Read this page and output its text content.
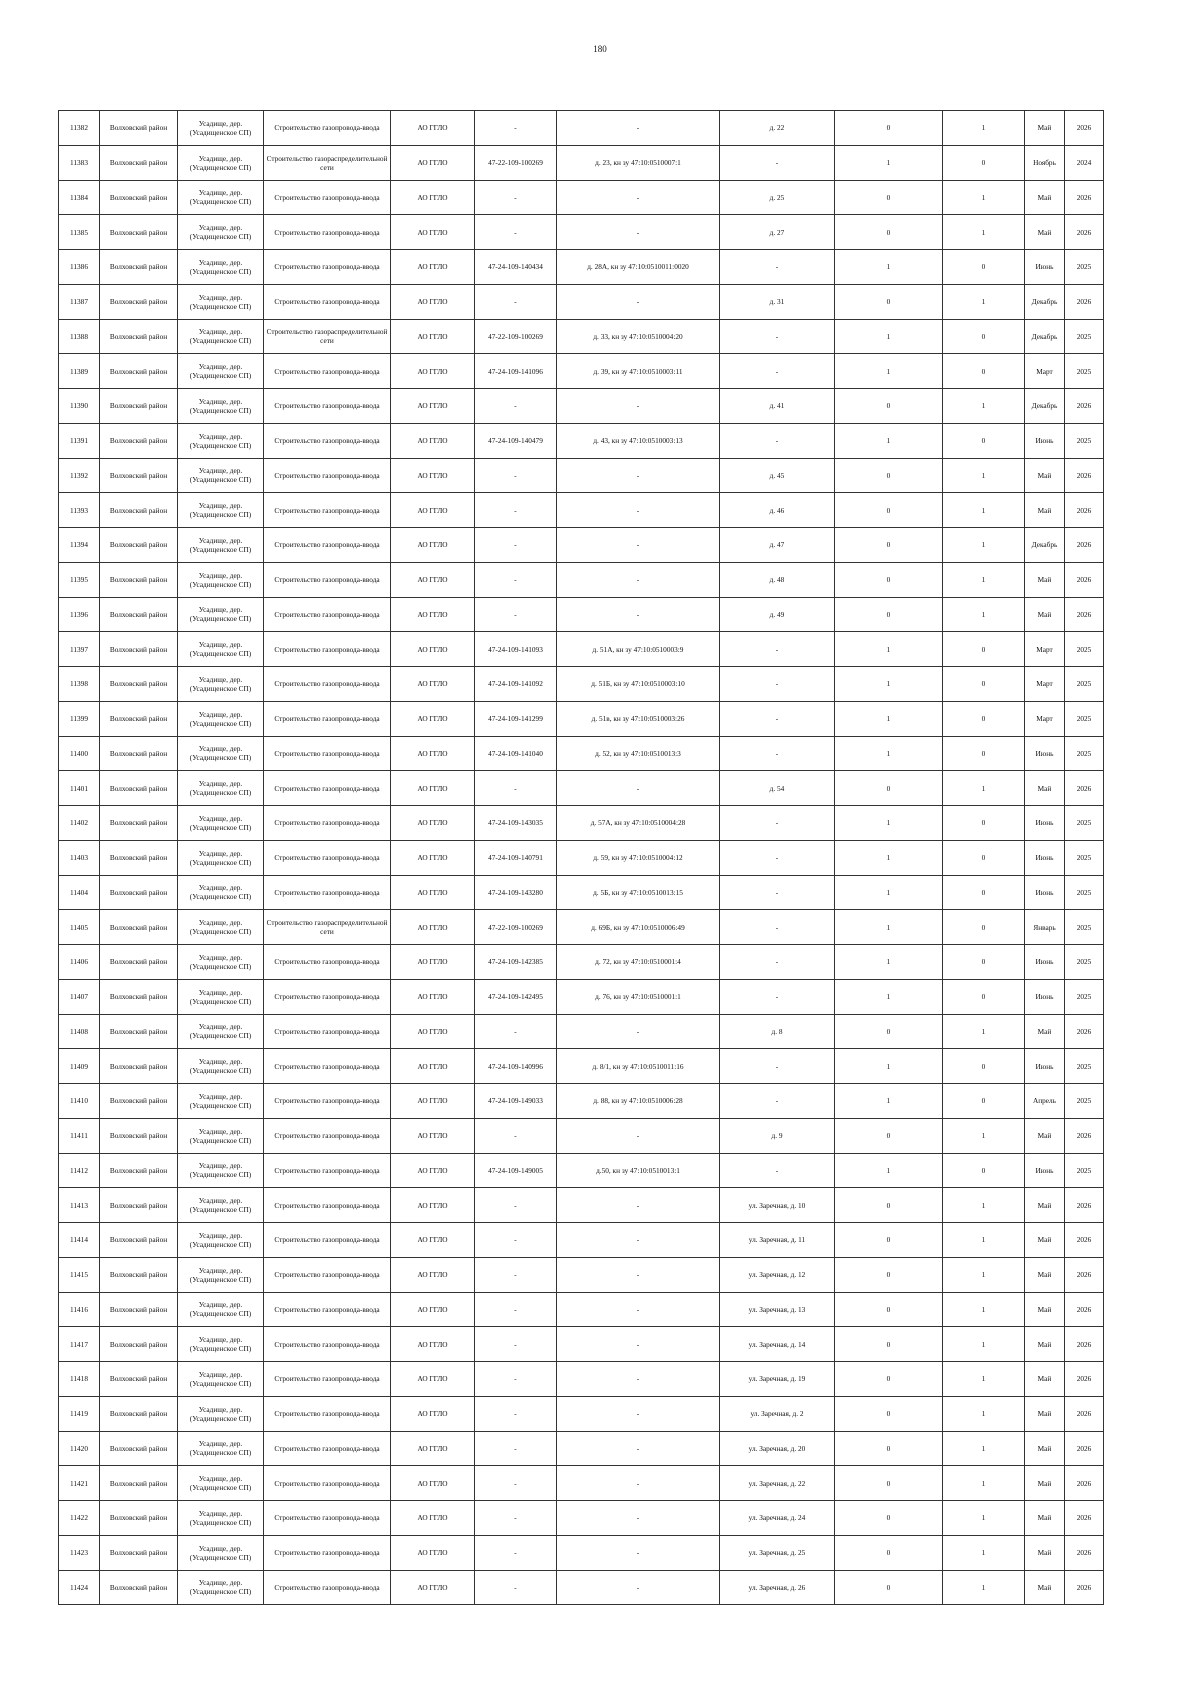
180
11382	Волховский район	Усадище, дер. (Усадищенское СП)	Строительство газопровода-ввода	АО ГГЛО	-	-	д. 22	0	1	Май	2026
11383	Волховский район	Усадище, дер. (Усадищенское СП)	Строительство газораспределительной сети	АО ГГЛО	47-22-109-100269	д. 23, кн зу 47:10:0510007:1	-	1	0	Ноябрь	2024
11384	Волховский район	Усадище, дер. (Усадищенское СП)	Строительство газопровода-ввода	АО ГГЛО	-	-	д. 25	0	1	Май	2026
11385	Волховский район	Усадище, дер. (Усадищенское СП)	Строительство газопровода-ввода	АО ГГЛО	-	-	д. 27	0	1	Май	2026
11386	Волховский район	Усадище, дер. (Усадищенское СП)	Строительство газопровода-ввода	АО ГГЛО	47-24-109-140434	д. 28А, кн зу 47:10:0510011:0020	-	1	0	Июнь	2025
11387	Волховский район	Усадище, дер. (Усадищенское СП)	Строительство газопровода-ввода	АО ГГЛО	-	-	д. 31	0	1	Декабрь	2026
11388	Волховский район	Усадище, дер. (Усадищенское СП)	Строительство газораспределительной сети	АО ГГЛО	47-22-109-100269	д. 33, кн зу 47:10:0510004:20	-	1	0	Декабрь	2025
11389	Волховский район	Усадище, дер. (Усадищенское СП)	Строительство газопровода-ввода	АО ГГЛО	47-24-109-141096	д. 39, кн зу 47:10:0510003:11	-	1	0	Март	2025
11390	Волховский район	Усадище, дер. (Усадищенское СП)	Строительство газопровода-ввода	АО ГГЛО	-	-	д. 41	0	1	Декабрь	2026
11391	Волховский район	Усадище, дер. (Усадищенское СП)	Строительство газопровода-ввода	АО ГГЛО	47-24-109-140479	д. 43, кн зу 47:10:0510003:13	-	1	0	Июнь	2025
11392	Волховский район	Усадище, дер. (Усадищенское СП)	Строительство газопровода-ввода	АО ГГЛО	-	-	д. 45	0	1	Май	2026
11393	Волховский район	Усадище, дер. (Усадищенское СП)	Строительство газопровода-ввода	АО ГГЛО	-	-	д. 46	0	1	Май	2026
11394	Волховский район	Усадище, дер. (Усадищенское СП)	Строительство газопровода-ввода	АО ГГЛО	-	-	д. 47	0	1	Декабрь	2026
11395	Волховский район	Усадище, дер. (Усадищенское СП)	Строительство газопровода-ввода	АО ГГЛО	-	-	д. 48	0	1	Май	2026
11396	Волховский район	Усадище, дер. (Усадищенское СП)	Строительство газопровода-ввода	АО ГГЛО	-	-	д. 49	0	1	Май	2026
11397	Волховский район	Усадище, дер. (Усадищенское СП)	Строительство газопровода-ввода	АО ГГЛО	47-24-109-141093	д. 51А, кн зу 47:10:0510003:9	-	1	0	Март	2025
11398	Волховский район	Усадище, дер. (Усадищенское СП)	Строительство газопровода-ввода	АО ГГЛО	47-24-109-141092	д. 51Б, кн зу 47:10:0510003:10	-	1	0	Март	2025
11399	Волховский район	Усадище, дер. (Усадищенское СП)	Строительство газопровода-ввода	АО ГГЛО	47-24-109-141299	д. 51в, кн зу 47:10:0510003:26	-	1	0	Март	2025
11400	Волховский район	Усадище, дер. (Усадищенское СП)	Строительство газопровода-ввода	АО ГГЛО	47-24-109-141040	д. 52, кн зу 47:10:0510013:3	-	1	0	Июнь	2025
11401	Волховский район	Усадище, дер. (Усадищенское СП)	Строительство газопровода-ввода	АО ГГЛО	-	-	д. 54	0	1	Май	2026
11402	Волховский район	Усадище, дер. (Усадищенское СП)	Строительство газопровода-ввода	АО ГГЛО	47-24-109-143035	д. 57А, кн зу 47:10:0510004:28	-	1	0	Июнь	2025
11403	Волховский район	Усадище, дер. (Усадищенское СП)	Строительство газопровода-ввода	АО ГГЛО	47-24-109-140791	д. 59, кн зу 47:10:0510004:12	-	1	0	Июнь	2025
11404	Волховский район	Усадище, дер. (Усадищенское СП)	Строительство газопровода-ввода	АО ГГЛО	47-24-109-143280	д. 5Б, кн зу 47:10:0510013:15	-	1	0	Июнь	2025
11405	Волховский район	Усадище, дер. (Усадищенское СП)	Строительство газораспределительной сети	АО ГГЛО	47-22-109-100269	д. 69Б, кн зу 47:10:0510006:49	-	1	0	Январь	2025
11406	Волховский район	Усадище, дер. (Усадищенское СП)	Строительство газопровода-ввода	АО ГГЛО	47-24-109-142385	д. 72, кн зу 47:10:0510001:4	-	1	0	Июнь	2025
11407	Волховский район	Усадище, дер. (Усадищенское СП)	Строительство газопровода-ввода	АО ГГЛО	47-24-109-142495	д. 76, кн зу 47:10:0510001:1	-	1	0	Июнь	2025
11408	Волховский район	Усадище, дер. (Усадищенское СП)	Строительство газопровода-ввода	АО ГГЛО	-	-	д. 8	0	1	Май	2026
11409	Волховский район	Усадище, дер. (Усадищенское СП)	Строительство газопровода-ввода	АО ГГЛО	47-24-109-140996	д. 8/1, кн зу 47:10:0510011:16	-	1	0	Июнь	2025
11410	Волховский район	Усадище, дер. (Усадищенское СП)	Строительство газопровода-ввода	АО ГГЛО	47-24-109-149033	д. 88, кн зу 47:10:0510006:28	-	1	0	Апрель	2025
11411	Волховский район	Усадище, дер. (Усадищенское СП)	Строительство газопровода-ввода	АО ГГЛО	-	-	д. 9	0	1	Май	2026
11412	Волховский район	Усадище, дер. (Усадищенское СП)	Строительство газопровода-ввода	АО ГГЛО	47-24-109-149005	д.50, кн зу 47:10:0510013:1	-	1	0	Июнь	2025
11413	Волховский район	Усадище, дер. (Усадищенское СП)	Строительство газопровода-ввода	АО ГГЛО	-	-	ул. Заречная, д. 10	0	1	Май	2026
11414	Волховский район	Усадище, дер. (Усадищенское СП)	Строительство газопровода-ввода	АО ГГЛО	-	-	ул. Заречная, д. 11	0	1	Май	2026
11415	Волховский район	Усадище, дер. (Усадищенское СП)	Строительство газопровода-ввода	АО ГГЛО	-	-	ул. Заречная, д. 12	0	1	Май	2026
11416	Волховский район	Усадище, дер. (Усадищенское СП)	Строительство газопровода-ввода	АО ГГЛО	-	-	ул. Заречная, д. 13	0	1	Май	2026
11417	Волховский район	Усадище, дер. (Усадищенское СП)	Строительство газопровода-ввода	АО ГГЛО	-	-	ул. Заречная, д. 14	0	1	Май	2026
11418	Волховский район	Усадище, дер. (Усадищенское СП)	Строительство газопровода-ввода	АО ГГЛО	-	-	ул. Заречная, д. 19	0	1	Май	2026
11419	Волховский район	Усадище, дер. (Усадищенское СП)	Строительство газопровода-ввода	АО ГГЛО	-	-	ул. Заречная, д. 2	0	1	Май	2026
11420	Волховский район	Усадище, дер. (Усадищенское СП)	Строительство газопровода-ввода	АО ГГЛО	-	-	ул. Заречная, д. 20	0	1	Май	2026
11421	Волховский район	Усадище, дер. (Усадищенское СП)	Строительство газопровода-ввода	АО ГГЛО	-	-	ул. Заречная, д. 22	0	1	Май	2026
11422	Волховский район	Усадище, дер. (Усадищенское СП)	Строительство газопровода-ввода	АО ГГЛО	-	-	ул. Заречная, д. 24	0	1	Май	2026
11423	Волховский район	Усадище, дер. (Усадищенское СП)	Строительство газопровода-ввода	АО ГГЛО	-	-	ул. Заречная, д. 25	0	1	Май	2026
11424	Волховский район	Усадище, дер. (Усадищенское СП)	Строительство газопровода-ввода	АО ГГЛО	-	-	ул. Заречная, д. 26	0	1	Май	2026
